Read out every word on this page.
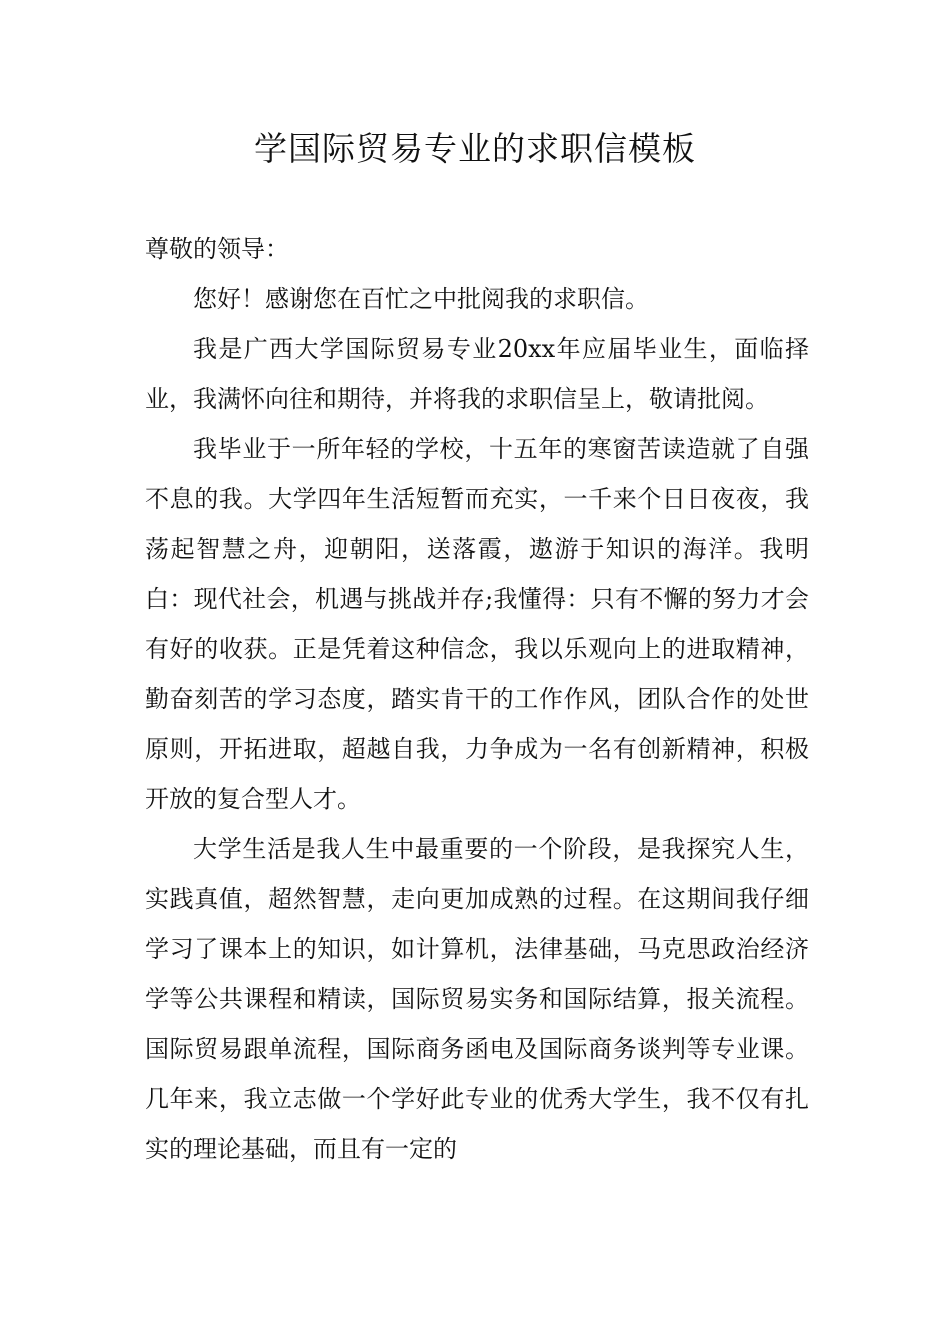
学国际贸易专业的求职信模板

尊敬的领导：

您好！感谢您在百忙之中批阅我的求职信。

我是广西大学国际贸易专业20xx年应届毕业生，面临择业，我满怀向往和期待，并将我的求职信呈上，敬请批阅。

我毕业于一所年轻的学校，十五年的寒窗苦读造就了自强不息的我。大学四年生活短暂而充实，一千来个日日夜夜，我荡起智慧之舟，迎朝阳，送落霞，遨游于知识的海洋。我明白：现代社会，机遇与挑战并存;我懂得：只有不懈的努力才会有好的收获。正是凭着这种信念，我以乐观向上的进取精神，勤奋刻苦的学习态度，踏实肯干的工作作风，团队合作的处世原则，开拓进取，超越自我，力争成为一名有创新精神，积极开放的复合型人才。

大学生活是我人生中最重要的一个阶段，是我探究人生，实践真值，超然智慧，走向更加成熟的过程。在这期间我仔细学习了课本上的知识，如计算机，法律基础，马克思政治经济学等公共课程和精读，国际贸易实务和国际结算，报关流程。国际贸易跟单流程，国际商务函电及国际商务谈判等专业课。几年来，我立志做一个学好此专业的优秀大学生，我不仅有扎实的理论基础，而且有一定的
